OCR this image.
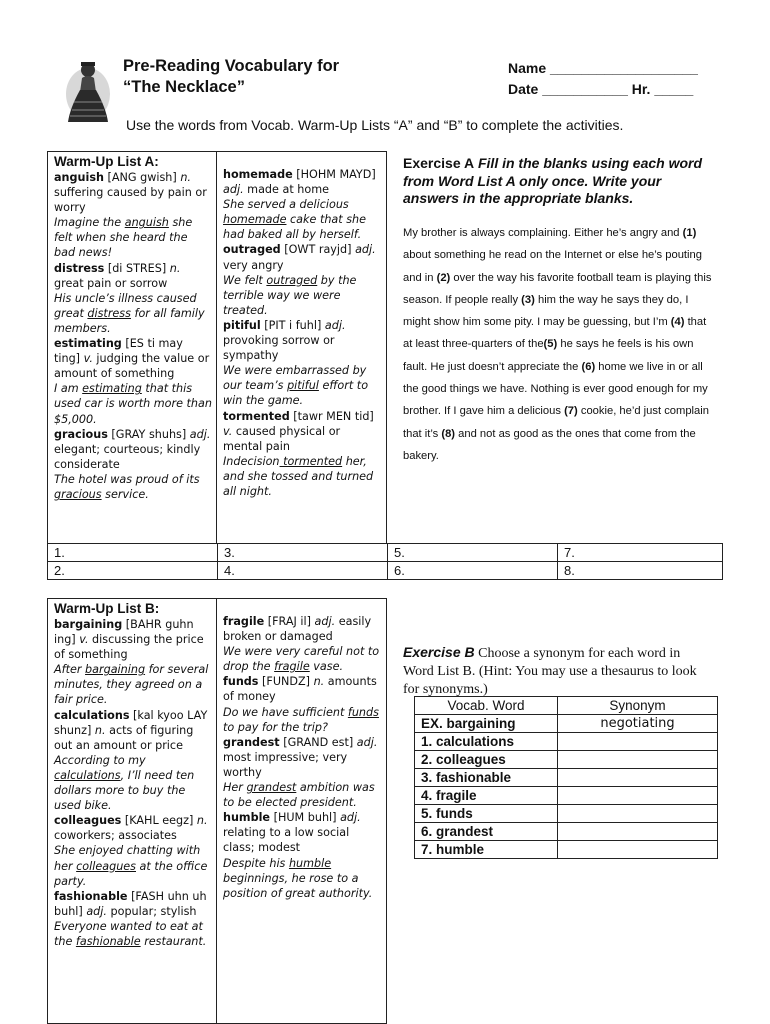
Pre-Reading Vocabulary for
“The Necklace”
Name ___________________
Date ___________ Hr. _____
Use the words from Vocab. Warm-Up Lists “A” and “B” to complete the activities.
Warm-Up List A:
anguish [ANG gwish] n. suffering caused by pain or worry
Imagine the anguish she felt when she heard the bad news!
distress [di STRES] n. great pain or sorrow
His uncle’s illness caused great distress for all family members.
estimating [ES ti may ting] v. judging the value or amount of something
I am estimating that this used car is worth more than $5,000.
gracious [GRAY shuhs] adj. elegant; courteous; kindly considerate
The hotel was proud of its gracious service.
homemade [HOHM MAYD] adj. made at home
She served a delicious homemade cake that she had baked all by herself.
outraged [OWT rayjd] adj. very angry
We felt outraged by the terrible way we were treated.
pitiful [PIT i fuhl] adj. provoking sorrow or sympathy
We were embarrassed by our team’s pitiful effort to win the game.
tormented [tawr MEN tid] v. caused physical or mental pain
Indecision tormented her, and she tossed and turned all night.
Exercise A Fill in the blanks using each word from Word List A only once. Write your answers in the appropriate blanks.
My brother is always complaining. Either he’s angry and (1) about something he read on the Internet or else he’s pouting and in (2) over the way his favorite football team is playing this season. If people really (3) him the way he says they do, I might show him some pity. I may be guessing, but I’m (4) that at least three-quarters of the(5) he says he feels is his own fault. He just doesn’t appreciate the (6) home we live in or all the good things we have. Nothing is ever good enough for my brother. If I gave him a delicious (7) cookie, he’d just complain that it’s (8) and not as good as the ones that come from the bakery.
1.	3.	5.	7.
2.	4.	6.	8.
Warm-Up List B:
bargaining [BAHR guhn ing] v. discussing the price of something
After bargaining for several minutes, they agreed on a fair price.
calculations [kal kyoo LAY shunz] n. acts of figuring out an amount or price
According to my calculations, I’ll need ten dollars more to buy the used bike.
colleagues [KAHL eegz] n. coworkers; associates
She enjoyed chatting with her colleagues at the office party.
fashionable [FASH uhn uh buhl] adj. popular; stylish
Everyone wanted to eat at the fashionable restaurant.
fragile [FRAJ il] adj. easily broken or damaged
We were very careful not to drop the fragile vase.
funds [FUNDZ] n. amounts of money
Do we have sufficient funds to pay for the trip?
grandest [GRAND est] adj. most impressive; very worthy
Her grandest ambition was to be elected president.
humble [HUM buhl] adj. relating to a low social class; modest
Despite his humble beginnings, he rose to a position of great authority.
Exercise B Choose a synonym for each word in Word List B. (Hint: You may use a thesaurus to look for synonyms.)
Vocab. Word	Synonym
EX. bargaining	negotiating
1. calculations	
2. colleagues	
3. fashionable	
4. fragile	
5. funds	
6. grandest	
7. humble	
